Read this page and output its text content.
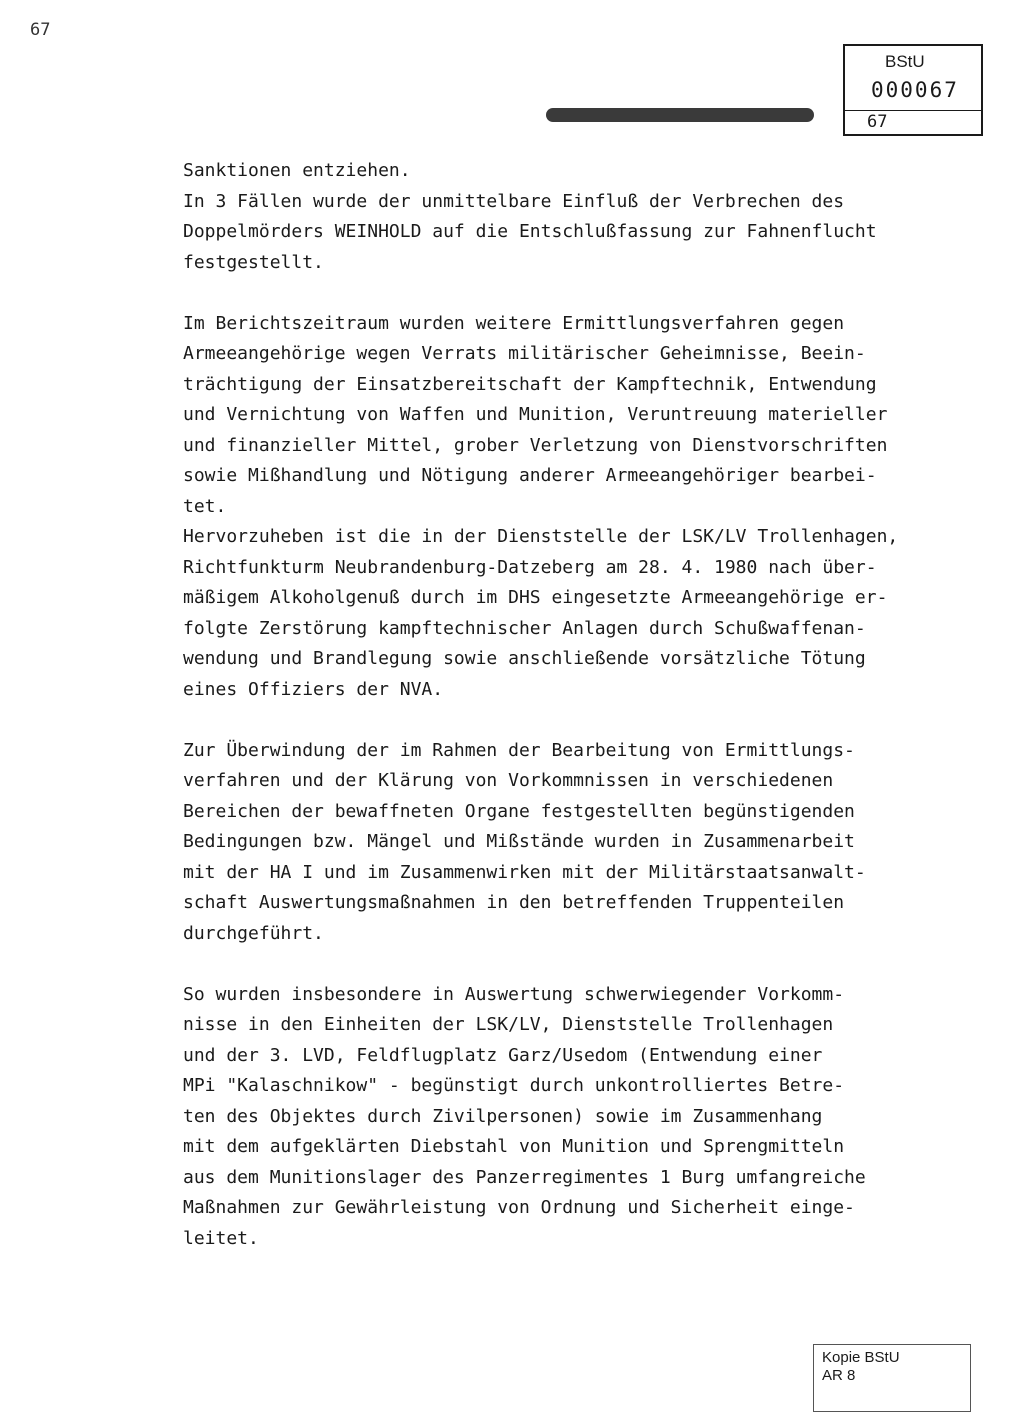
67
BStU
000067
67
Sanktionen entziehen.
In 3 Fällen wurde der unmittelbare Einfluß der Verbrechen des
Doppelmörders WEINHOLD auf die Entschlußfassung zur Fahnenflucht
festgestellt.
Im Berichtszeitraum wurden weitere Ermittlungsverfahren gegen
Armeeangehörige wegen Verrats militärischer Geheimnisse, Beein-
trächtigung der Einsatzbereitschaft der Kampftechnik, Entwendung
und Vernichtung von Waffen und Munition, Veruntreuung materieller
und finanzieller Mittel, grober Verletzung von Dienstvorschriften
sowie Mißhandlung und Nötigung anderer Armeeangehöriger bearbei-
tet.
Hervorzuheben ist die in der Dienststelle der LSK/LV Trollenhagen,
Richtfunkturm Neubrandenburg-Datzeberg am 28. 4. 1980 nach über-
mäßigem Alkoholgenuß durch im DHS eingesetzte Armeeangehörige er-
folgte Zerstörung kampftechnischer Anlagen durch Schußwaffenan-
wendung und Brandlegung sowie anschließende vorsätzliche Tötung
eines Offiziers der NVA.
Zur Überwindung der im Rahmen der Bearbeitung von Ermittlungs-
verfahren und der Klärung von Vorkommnissen in verschiedenen
Bereichen der bewaffneten Organe festgestellten begünstigenden
Bedingungen bzw. Mängel und Mißstände wurden in Zusammenarbeit
mit der HA I und im Zusammenwirken mit der Militärstaatsanwalt-
schaft Auswertungsmaßnahmen in den betreffenden Truppenteilen
durchgeführt.
So wurden insbesondere in Auswertung schwerwiegender Vorkomm-
nisse in den Einheiten der LSK/LV, Dienststelle Trollenhagen
und der 3. LVD, Feldflugplatz Garz/Usedom (Entwendung einer
MPi "Kalaschnikow" - begünstigt durch unkontrolliertes Betre-
ten des Objektes durch Zivilpersonen) sowie im Zusammenhang
mit dem aufgeklärten Diebstahl von Munition und Sprengmitteln
aus dem Munitionslager des Panzerregimentes 1 Burg umfangreiche
Maßnahmen zur Gewährleistung von Ordnung und Sicherheit einge-
leitet.
Kopie BStU
AR 8
